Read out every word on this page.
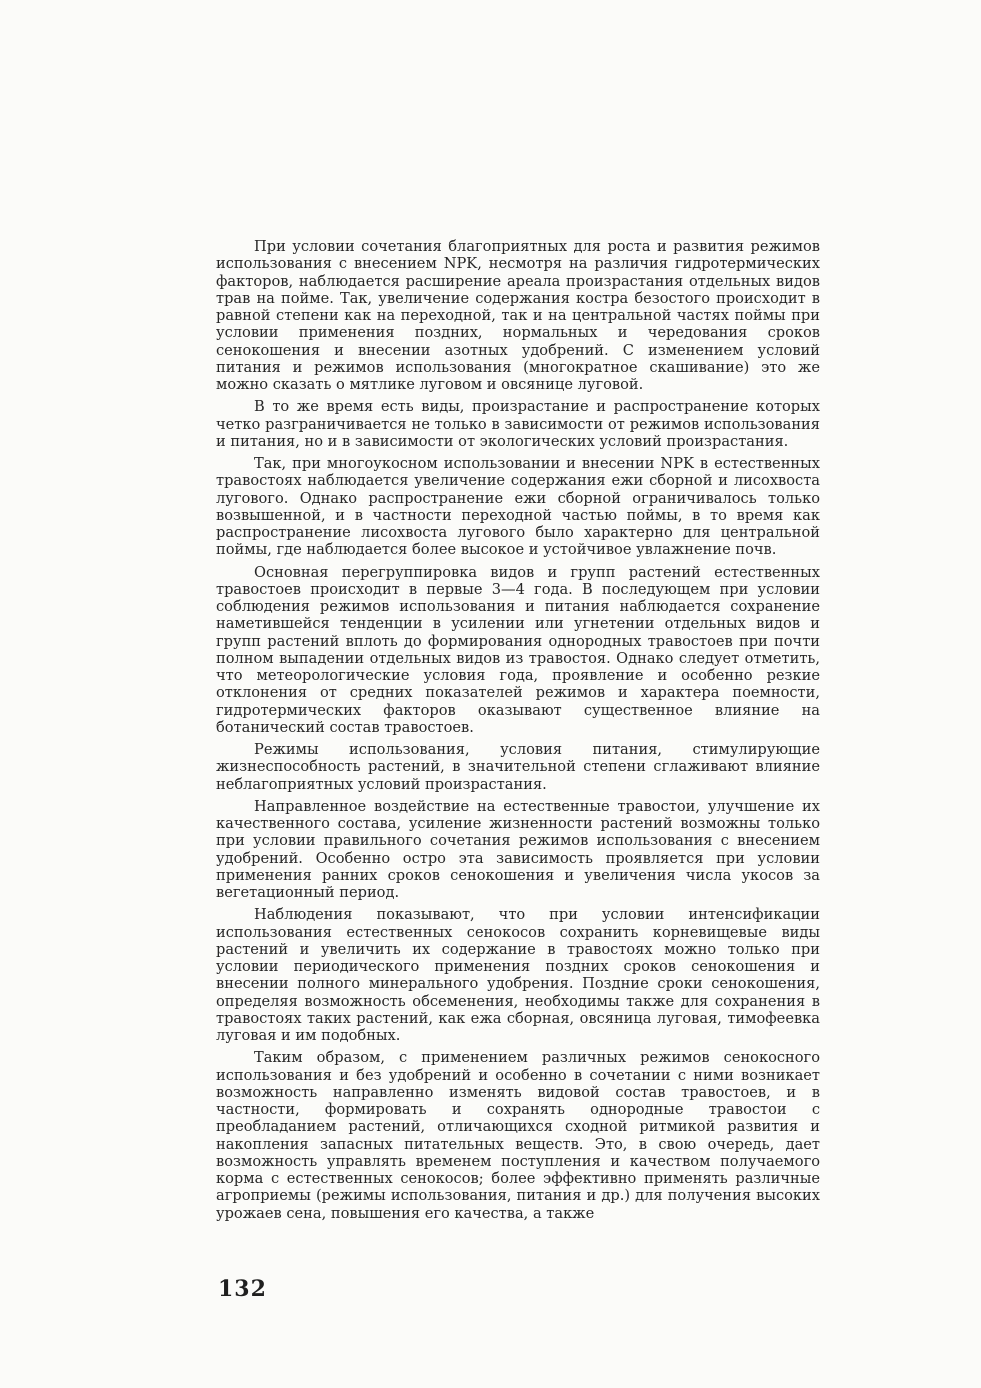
При условии сочетания благоприятных для роста и развития режимов использования с внесением NPK, несмотря на различия гидротермических факторов, наблюдается расширение ареала произрастания отдельных видов трав на пойме. Так, увеличение содержания костра безостого происходит в равной степени как на переходной, так и на центральной частях поймы при условии применения поздних, нормальных и чередования сроков сенокошения и внесении азотных удобрений. С изменением условий питания и режимов использования (многократное скашивание) это же можно сказать о мятлике луговом и овсянице луговой.

В то же время есть виды, произрастание и распространение которых четко разграничивается не только в зависимости от режимов использования и питания, но и в зависимости от экологических условий произрастания.

Так, при многоукосном использовании и внесении NPK в естественных травостоях наблюдается увеличение содержания ежи сборной и лисохвоста лугового. Однако распространение ежи сборной ограничивалось только возвышенной, и в частности переходной частью поймы, в то время как распространение лисохвоста лугового было характерно для центральной поймы, где наблюдается более высокое и устойчивое увлажнение почв.

Основная перегруппировка видов и групп растений естественных травостоев происходит в первые 3—4 года. В последующем при условии соблюдения режимов использования и питания наблюдается сохранение наметившейся тенденции в усилении или угнетении отдельных видов и групп растений вплоть до формирования однородных травостоев при почти полном выпадении отдельных видов из травостоя. Однако следует отметить, что метеорологические условия года, проявление и особенно резкие отклонения от средних показателей режимов и характера поемности, гидротермических факторов оказывают существенное влияние на ботанический состав травостоев.

Режимы использования, условия питания, стимулирующие жизнеспособность растений, в значительной степени сглаживают влияние неблагоприятных условий произрастания.

Направленное воздействие на естественные травостои, улучшение их качественного состава, усиление жизненности растений возможны только при условии правильного сочетания режимов использования с внесением удобрений. Особенно остро эта зависимость проявляется при условии применения ранних сроков сенокошения и увеличения числа укосов за вегетационный период.

Наблюдения показывают, что при условии интенсификации использования естественных сенокосов сохранить корневищевые виды растений и увеличить их содержание в травостоях можно только при условии периодического применения поздних сроков сенокошения и внесении полного минерального удобрения. Поздние сроки сенокошения, определяя возможность обсеменения, необходимы также для сохранения в травостоях таких растений, как ежа сборная, овсяница луговая, тимофеевка луговая и им подобных.

Таким образом, с применением различных режимов сенокосного использования и без удобрений и особенно в сочетании с ними возникает возможность направленно изменять видовой состав травостоев, и в частности, формировать и сохранять однородные травостои с преобладанием растений, отличающихся сходной ритмикой развития и накопления запасных питательных веществ. Это, в свою очередь, дает возможность управлять временем поступления и качеством получаемого корма с естественных сенокосов; более эффективно применять различные агроприемы (режимы использования, питания и др.) для получения высоких урожаев сена, повышения его качества, а также

132
